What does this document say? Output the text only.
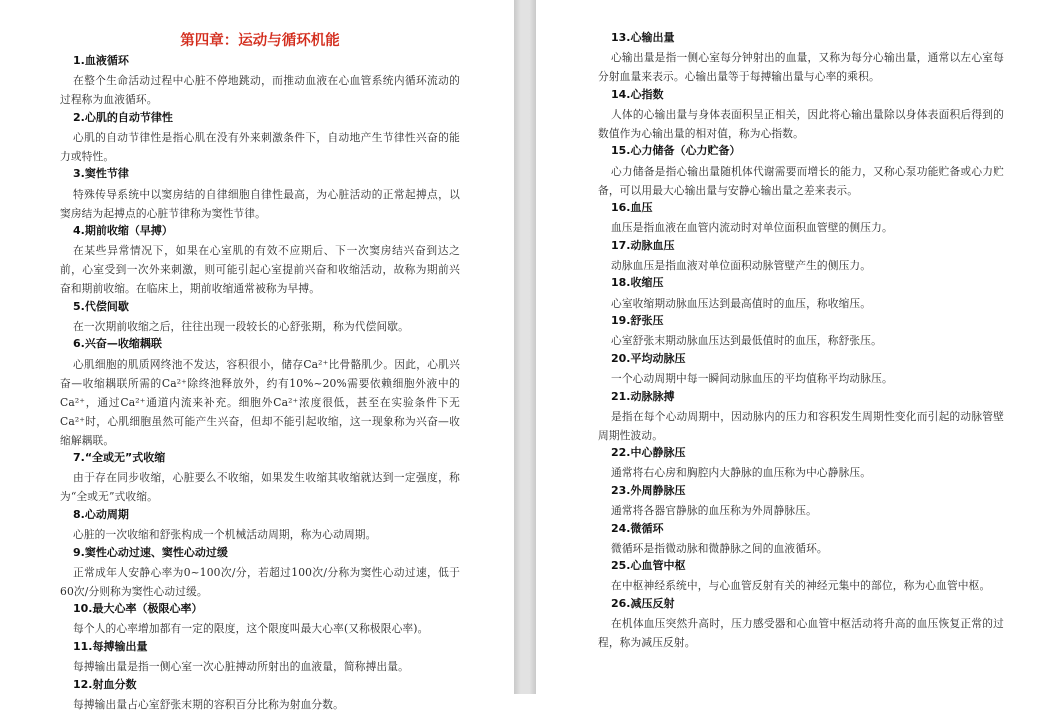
第四章：运动与循环机能
1.血液循环

在整个生命活动过程中心脏不停地跳动，而推动血液在心血管系统内循环流动的过程称为血液循环。

2.心肌的自动节律性

心肌的自动节律性是指心肌在没有外来刺激条件下，自动地产生节律性兴奋的能力或特性。

3.窦性节律

特殊传导系统中以窦房结的自律细胞自律性最高，为心脏活动的正常起搏点，以窦房结为起搏点的心脏节律称为窦性节律。

4.期前收缩（早搏）

在某些异常情况下，如果在心室肌的有效不应期后、下一次窦房结兴奋到达之前，心室受到一次外来刺激，则可能引起心室提前兴奋和收缩活动，故称为期前兴奋和期前收缩。在临床上，期前收缩通常被称为早搏。

5.代偿间歇

在一次期前收缩之后，往往出现一段较长的心舒张期，称为代偿间歇。

6.兴奋—收缩耦联

心肌细胞的肌质网终池不发达，容积很小，储存Ca²⁺比骨骼肌少。因此，心肌兴奋—收缩耦联所需的Ca²⁺除终池释放外，约有10%~20%需要依赖细胞外液中的Ca²⁺，通过Ca²⁺通道内流来补充。细胞外Ca²⁺浓度很低，甚至在实验条件下无Ca²⁺时，心肌细胞虽然可能产生兴奋，但却不能引起收缩，这一现象称为兴奋—收缩解耦联。

7.“全或无”式收缩

由于存在同步收缩，心脏要么不收缩，如果发生收缩其收缩就达到一定强度，称为“全或无”式收缩。

8.心动周期

心脏的一次收缩和舒张构成一个机械活动周期，称为心动周期。

9.窦性心动过速、窦性心动过缓

正常成年人安静心率为0~100次/分，若超过100次/分称为窦性心动过速，低于60次/分则称为窦性心动过缓。

10.最大心率（极限心率）

每个人的心率增加都有一定的限度，这个限度叫最大心率(又称极限心率)。

11.每搏输出量

每搏输出量是指一侧心室一次心脏搏动所射出的血液量，简称搏出量。

12.射血分数

每搏输出量占心室舒张末期的容积百分比称为射血分数。

13.心输出量

心输出量是指一侧心室每分钟射出的血量，又称为每分心输出量，通常以左心室每分射血量来表示。心输出量等于每搏输出量与心率的乘积。

14.心指数

人体的心输出量与身体表面积呈正相关，因此将心输出量除以身体表面积后得到的数值作为心输出量的相对值，称为心指数。

15.心力储备（心力贮备）

心力储备是指心输出量随机体代谢需要而增长的能力，又称心泵功能贮备或心力贮备，可以用最大心输出量与安静心输出量之差来表示。

16.血压

血压是指血液在血管内流动时对单位面积血管壁的侧压力。

17.动脉血压

动脉血压是指血液对单位面积动脉管壁产生的侧压力。

18.收缩压

心室收缩期动脉血压达到最高值时的血压，称收缩压。

19.舒张压

心室舒张末期动脉血压达到最低值时的血压，称舒张压。

20.平均动脉压

一个心动周期中每一瞬间动脉血压的平均值称平均动脉压。

21.动脉脉搏

是指在每个心动周期中，因动脉内的压力和容积发生周期性变化而引起的动脉管壁周期性波动。

22.中心静脉压

通常将右心房和胸腔内大静脉的血压称为中心静脉压。

23.外周静脉压

通常将各器官静脉的血压称为外周静脉压。

24.微循环

微循环是指微动脉和微静脉之间的血液循环。

25.心血管中枢

在中枢神经系统中，与心血管反射有关的神经元集中的部位，称为心血管中枢。

26.减压反射

在机体血压突然升高时，压力感受器和心血管中枢活动将升高的血压恢复正常的过程，称为减压反射。
